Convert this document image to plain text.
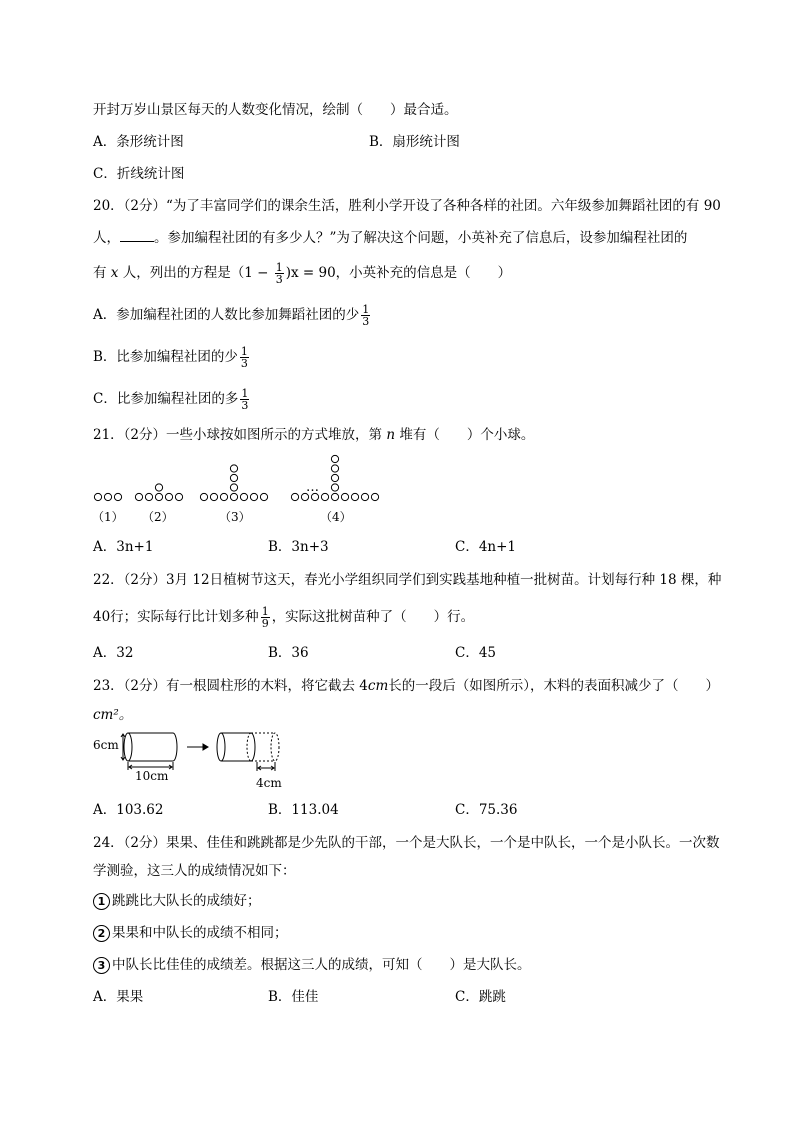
开封万岁山景区每天的人数变化情况，绘制（　　）最合适。
A．条形统计图	B．扇形统计图
C．折线统计图
20．（2分）“为了丰富同学们的课余生活，胜利小学开设了各种各样的社团。六年级参加舞蹈社团的有 90
人，	。参加编程社团的有多少人？”为了解决这个问题，小英补充了信息后，设参加编程社团的
有 x 人，列出的方程是$(1 - \frac{1}{3} )x = 90$，小英补充的信息是（　　）
A．参加编程社团的人数比参加舞蹈社团的少 $\frac{1}{3}$
B．比参加编程社团的少 $\frac{1}{3}$
C．比参加编程社团的多 $\frac{1}{3}$
21．（2分）一些小球按如图所示的方式堆放，第 n 堆有（　　）个小球。
…
（1） （2）	（3）	（4）
A．3n+1	B．3n+3	C．4n+1
22．（2分）3月 12日植树节这天，春光小学组织同学们到实践基地种植一批树苗。计划每行种 18 棵，种
40行；实际每行比计划多种 $\frac{1}{9}$ ，实际这批树苗种了（　　）行。
A．32	B．36	C．45
23．（2分）有一根圆柱形的木料，将它截去 4cm长的一段后（如图所示），木料的表面积减少了（　　）
cm²。
6cm
10cm	4cm
A．103.62	B．113.04	C．75.36
24．（2分）果果、佳佳和跳跳都是少先队的干部，一个是大队长，一个是中队长，一个是小队长。一次数
学测验，这三人的成绩情况如下：
1 跳跳比大队长的成绩好；
2 果果和中队长的成绩不相同；
3 中队长比佳佳的成绩差。根据这三人的成绩，可知（　　）是大队长。
A．果果	B．佳佳	C．跳跳
